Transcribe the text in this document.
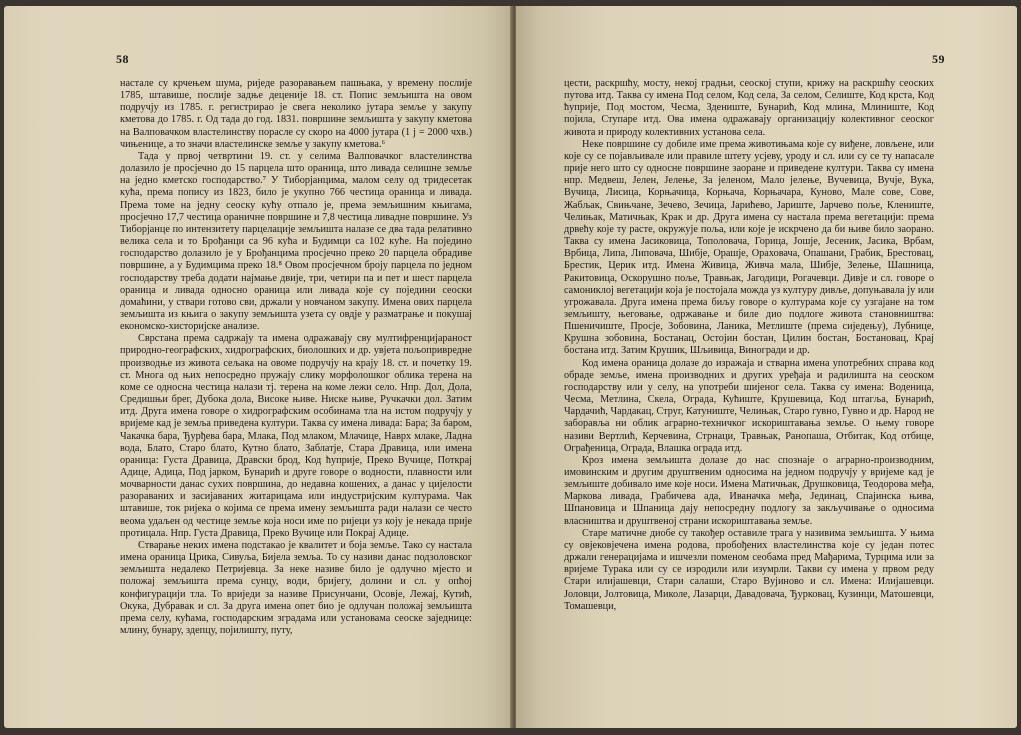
58

настале су крчењем шума, риједе разоравањем пашњака, у времену послије 1785, штавише, послије задње деценије 18. ст. Попис земљишта на овом подручју из 1785. г. регистрирао је свега неколико јутара земље у закупу кметова до 1785. г. Од тада до год. 1831. површине земљишта у закупу кметова на Валповачком властелинству порасле су скоро на 4000 јутара (1 j = 2000 чхв.) чињенице, а то значи властелинске земље у закупу кметова.⁶

Тада у првој четвртини 19. ст. у селима Валповачког властелинства долазило је просјечно до 15 парцела што ораница, што ливада селишне земље на једно кметско господарство.⁷ У Тиборјанцима, малом селу од тридесетак кућа, према попису из 1823, било је укупно 766 честица ораница и ливада. Према томе на једну сеоску кућу отпало је, према земљишним књигама, просјечно 17,7 честица ораничне површине и 7,8 честица ливадне површине. Уз Тиборјанце по интензитету парцелације земљишта налазе се два тада релативно велика села и то Брођанци са 96 кућа и Будимци са 102 куће. На поједино господарство долазило је у Брођанцима просјечно преко 20 парцела обрадиве површине, а у Будимцима преко 18.⁸ Овом просјечном броју парцела по једном господарству треба додати најмање двије, три, четири па и пет и шест парцела ораница и ливада односно ораница или ливада које су поједини сеоски домаћини, у ствари готово сви, држали у новчаном закупу. Имена ових парцела земљишта из књига о закупу земљишта узета су овдје у разматрање и покушај економско-хисторијске анализе.

Сврстана према садржају та имена одражавају сву мултифренцијараност природно-географских, хидрографских, биолошких и др. увјета пољопривредне производње из живота сељака на овоме подручју на крају 18. ст. и почетку 19. ст. Многа од њих непосредно пружају слику морфолошког облика терена на коме се односна честица налази тј. терена на коме лежи село. Нпр. Дол, Дола, Средишњи брег, Дубока дола, Високе њиве. Ниске њиве, Ручкачки дол. Затим итд. Друга имена говоре о хидрографским особинама тла на истом подручју у вријеме кад је земља приведена култури. Таква су имена ливада: Бара; За баром, Чакачка бара, Ђурђева бара, Млака, Под млаком, Млачице, Наврх млаке, Ладна вода, Блато, Старо блато, Кутно блато, Заблатје, Стара Дравица, или имена ораница: Густа Дравица, Дравски брод, Код ћуприје, Преко Вучице, Поткрај Адице, Адица, Под јарком, Бунарић и друге говоре о водности, плавности или мочварности данас сухих површина, до недавна кошених, а данас у цијелости разораваних и засијаваних житарицама или индустријским културама. Чак штавише, ток ријека о којима се према имену земљишта ради налази се често веома удаљен од честице земље која носи име по ријеци уз коју је некада прије протицала. Нпр. Густа Дравица, Преко Вучице или Покрај Адице.

Стварање неких имена подстакао је квалитет и боја земље. Тако су настала имена ораница Црика, Сивуља, Бијела земља. То су називи данас подзоловског земљишта недалеко Петријевца. За неке називе било је одлучно мјесто и положај земљишта према сунцу, води, бријегу, долини и сл. у опћој конфигурацији тла. То вриједи за називе Присунчани, Осовје, Лежај, Кутић, Окука, Дубравак и сл. За друга имена опет био је одлучан положај земљишта према селу, кућама, господарским зградама или установама сеоске заједнице: млину, бунару, здепцу, појилишту, путу,

59

цести, раскршћу, мосту, некој градњи, сеоској ступи, крижу на раскршћу сеоских путова итд. Таква су имена Под селом, Код села, За селом, Селиште, Код крста, Код ћуприје, Под мостом, Чесма, Здениште, Бунарић, Код млина, Млиниште, Код појила, Ступаре итд. Ова имена одражавају организацију колективног сеоског живота и природу колективних установа села.

Неке површине су добиле име према животињама које су виђене, ловљене, или које су се појављивале или правиле штету усјеву, уроду и сл. или су се ту напасале прије него што су односне површине заоране и приведене култури. Таква су имена нпр. Медвеш, Јелен, Јелење, За јеленом, Мало јелење, Вучевица, Вучје, Вука, Вучица, Лисица, Корњачица, Корњача, Корњачара, Куново, Мале сове, Сове, Жабљак, Свињчане, Зечево, Зечица, Јарићево, Јариште, Јарчево поље, Клениште, Челињак, Матичњак, Крак и др. Друга имена су настала према вегетацији: према дрвећу које ту расте, окружује поља, или које је искрчено да би њиве било заорано. Таква су имена Јасиковица, Тополовача, Горица, Јошје, Јесеник, Јасика, Врбам, Врбица, Липа, Липовача, Шибје, Орашје, Ораховача, Опашани, Грабик, Брестовац, Брестик, Церик итд. Имена Живица, Живча мала, Шибје, Зелење, Шашница, Ракитовица, Оскорушно поље, Травњак, Јагодици, Рогачевци. Дивје и сл. говоре о самониклој вегетацији која је постојала можда уз културу дивље, допуњавала ју или угрожавала. Друга имена према биљу говоре о културама које су узгајане на том земљишту, његовање, одржавање и биле дио подлоге живота становништва: Пшеничиште, Просје, Зобовина, Ланика, Метлиште (према сиједењу), Лубнице, Крушна зобовина, Бостанац, Остојин бостан, Цилин бостан, Бостановац, Крај бостана итд. Затим Крушик, Шљивица, Виногради и др.

Код имена ораница долазе до изражаја и стварна имена употребних справа код обраде земље, имена производних и других уређаја и радилишта на сеоском господарству или у селу, на употреби шијеног села. Таква су имена: Воденица, Чесма, Метлина, Скела, Ограда, Кућиште, Крушевица, Код штагља, Бунарић, Чардачић, Чардакац, Струг, Катуниште, Челињак, Старо гувно, Гувно и др. Народ не заборавља ни облик аграрно-техничког искориштавања земље. О њему говоре називи Вертлић, Керчевина, Стрнаци, Травњак, Ранопаша, Отбитак, Код отбице, Ограђеница, Ограда, Влашка ограда итд.

Кроз имена земљишта долазе до нас спознаје о аграрно-производним, имовинским и другим друштвеним односима на једном подручју у вријеме кад је земљиште добивало име које носи. Имена Матичњак, Друшковица, Теодорова међа, Маркова ливада, Грабичева ада, Иваначка међа, Јединац, Спајинска њива, Шпановица и Шпаница дају непосредну подлогу за закључивање о односима власништва и друштвеној страни искориштавања земље.

Старе матичне диобе су такођер оставиле трага у називима земљишта. У њима су овјековјечена имена родова, пробођених властелинства које су један потес држали генерацијама и ишчезли поменом сеобама пред Мађарима, Турцима или за вријеме Турака или су се изродили или изумрли. Такви су имена у првом реду Стари илијашевци, Стари салаши, Старо Вујиново и сл. Имена: Илијашевци. Јоловци, Јолтовица, Миколе, Лазарци, Давадовача, Ђурковац, Кузинци, Матошевци, Томашевци,
